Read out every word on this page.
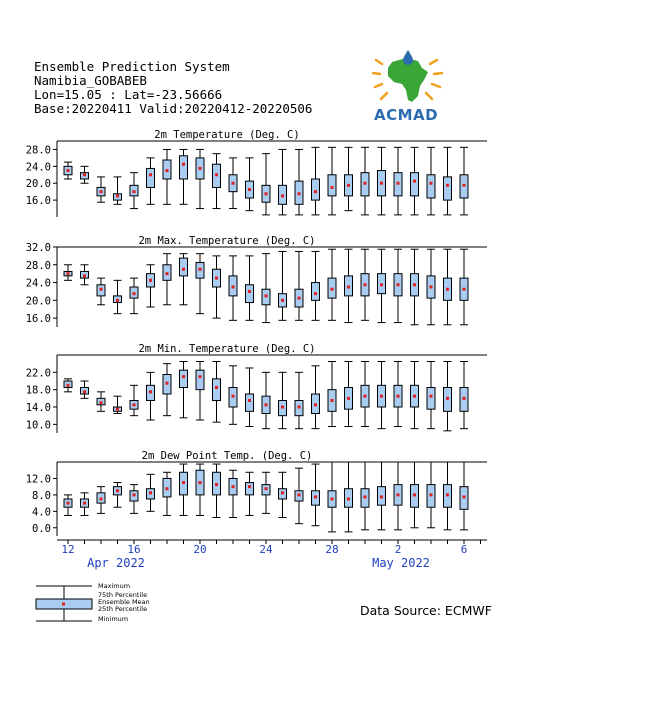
Ensemble Prediction System
Namibia_GOBABEB
Lon=15.05 : Lat=-23.56666
Base:20220411 Valid:20220412-20220506	ACMAD
2m Temperature (Deg. C)
28.0
24.0
20.0
16.0
2m Max. Temperature (Deg. C)
32.0
28.0
24.0
20.0
16.0
2m Min. Temperature (Deg. C)
22.0
18.0
14.0
10.0
2m Dew Point Temp. (Deg. C)
12.0
8.0
4.0
0.0
12	16	20	24	28	2	6
Apr 2022	May 2022
Data Source: ECMWF
Maximum
75th Percentile
Ensemble Mean
25th Percentile
Minimum
